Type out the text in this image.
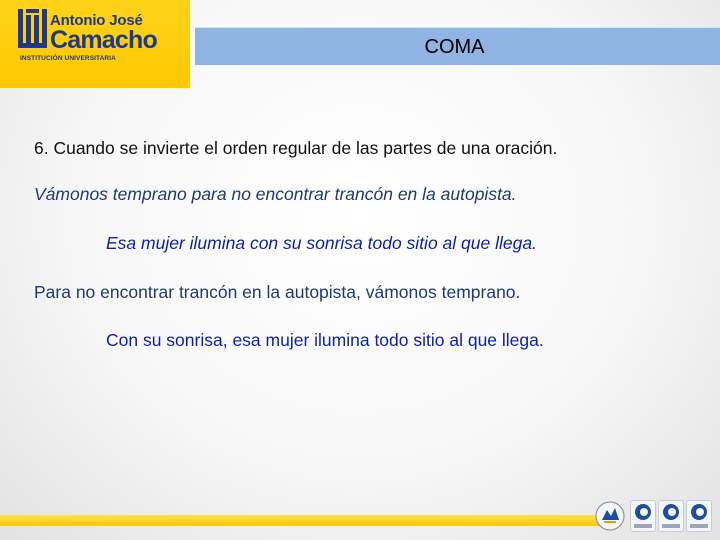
Antonio José
Camacho
INSTITUCIÓN UNIVERSITARIA
COMA
6. Cuando se invierte el orden regular de las partes de una oración.
Vámonos temprano para no encontrar trancón en la autopista.
Esa mujer ilumina con su sonrisa todo sitio al que llega.
Para no encontrar trancón en la autopista, vámonos temprano.
Con su sonrisa, esa mujer ilumina todo sitio al que llega.
